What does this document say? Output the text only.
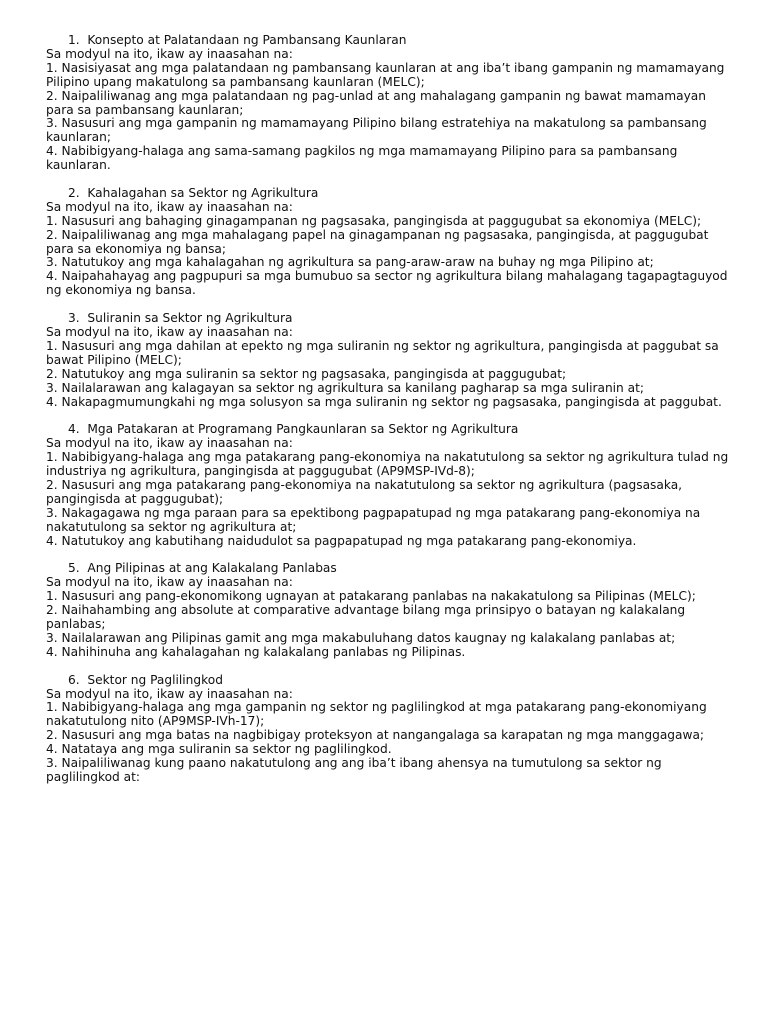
1.  Konsepto at Palatandaan ng Pambansang Kaunlaran
Sa modyul na ito, ikaw ay inaasahan na:
1. Nasisiyasat ang mga palatandaan ng pambansang kaunlaran at ang iba’t ibang gampanin ng mamamayang Pilipino upang makatulong sa pambansang kaunlaran (MELC);
2. Naipaliliwanag ang mga palatandaan ng pag-unlad at ang mahalagang gampanin ng bawat mamamayan para sa pambansang kaunlaran;
3. Nasusuri ang mga gampanin ng mamamayang Pilipino bilang estratehiya na makatulong sa pambansang kaunlaran;
4. Nabibigyang-halaga ang sama-samang pagkilos ng mga mamamayang Pilipino para sa pambansang kaunlaran.
2.  Kahalagahan sa Sektor ng Agrikultura
Sa modyul na ito, ikaw ay inaasahan na:
1. Nasusuri ang bahaging ginagampanan ng pagsasaka, pangingisda at paggugubat sa ekonomiya (MELC);
2. Naipaliliwanag ang mga mahalagang papel na ginagampanan ng pagsasaka, pangingisda, at paggugubat para sa ekonomiya ng bansa;
3. Natutukoy ang mga kahalagahan ng agrikultura sa pang-araw-araw na buhay ng mga Pilipino at;
4. Naipahahayag ang pagpupuri sa mga bumubuo sa sector ng agrikultura bilang mahalagang tagapagtaguyod ng ekonomiya ng bansa.
3.  Suliranin sa Sektor ng Agrikultura
Sa modyul na ito, ikaw ay inaasahan na:
1. Nasusuri ang mga dahilan at epekto ng mga suliranin ng sektor ng agrikultura, pangingisda at paggubat sa bawat Pilipino (MELC);
2. Natutukoy ang mga suliranin sa sektor ng pagsasaka, pangingisda at paggugubat;
3. Nailalarawan ang kalagayan sa sektor ng agrikultura sa kanilang pagharap sa mga suliranin at;
4. Nakapagmumungkahi ng mga solusyon sa mga suliranin ng sektor ng pagsasaka, pangingisda at paggubat.
4.  Mga Patakaran at Programang Pangkaunlaran sa Sektor ng Agrikultura
Sa modyul na ito, ikaw ay inaasahan na:
1. Nabibigyang-halaga ang mga patakarang pang-ekonomiya na nakatutulong sa sektor ng agrikultura tulad ng industriya ng agrikultura, pangingisda at paggugubat (AP9MSP-IVd-8);
2. Nasusuri ang mga patakarang pang-ekonomiya na nakatutulong sa sektor ng agrikultura (pagsasaka, pangingisda at paggugubat);
3. Nakagagawa ng mga paraan para sa epektibong pagpapatupad ng mga patakarang pang-ekonomiya na nakatutulong sa sektor ng agrikultura at;
4. Natutukoy ang kabutihang naidudulot sa pagpapatupad ng mga patakarang pang-ekonomiya.
5.  Ang Pilipinas at ang Kalakalang Panlabas
Sa modyul na ito, ikaw ay inaasahan na:
1. Nasusuri ang pang-ekonomikong ugnayan at patakarang panlabas na nakakatulong sa Pilipinas (MELC);
2. Naihahambing ang absolute at comparative advantage bilang mga prinsipyo o batayan ng kalakalang panlabas;
3. Nailalarawan ang Pilipinas gamit ang mga makabuluhang datos kaugnay ng kalakalang panlabas at;
4. Nahihinuha ang kahalagahan ng kalakalang panlabas ng Pilipinas.
6.  Sektor ng Paglilingkod
Sa modyul na ito, ikaw ay inaasahan na:
1. Nabibigyang-halaga ang mga gampanin ng sektor ng paglilingkod at mga patakarang pang-ekonomiyang nakatutulong nito (AP9MSP-IVh-17);
2. Nasusuri ang mga batas na nagbibigay proteksyon at nangangalaga sa karapatan ng mga manggagawa;
4. Natataya ang mga suliranin sa sektor ng paglilingkod.
3. Naipaliliwanag kung paano nakatutulong ang ang iba’t ibang ahensya na tumutulong sa sektor ng paglilingkod at:
